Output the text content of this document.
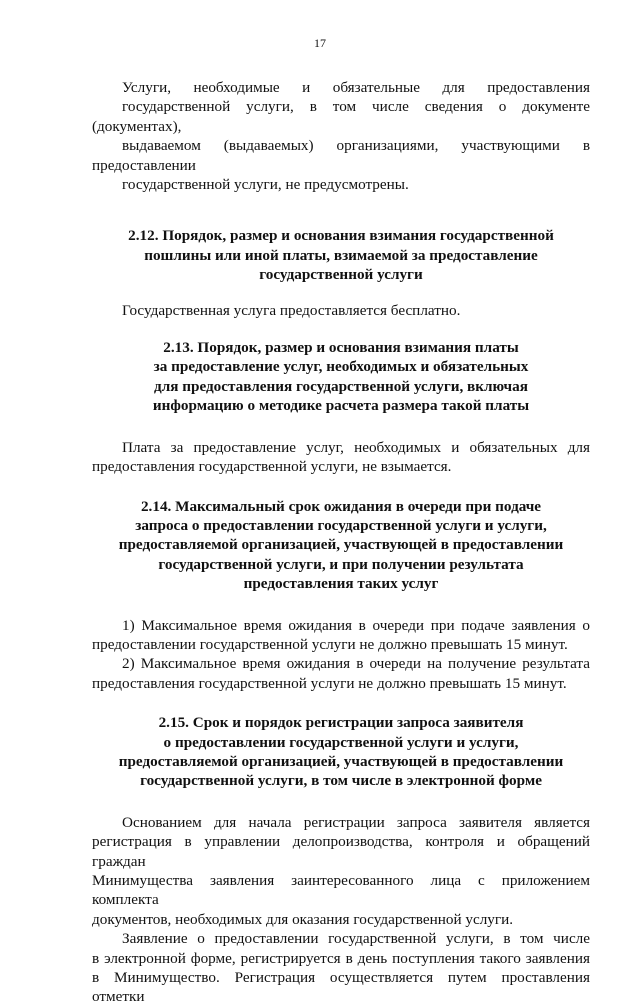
17

Услуги, необходимые и обязательные для предоставления
государственной услуги, в том числе сведения о документе (документах),
выдаваемом (выдаваемых) организациями, участвующими в предоставлении
государственной услуги, не предусмотрены.

2.12. Порядок, размер и основания взимания государственной
пошлины или иной платы, взимаемой за предоставление
государственной услуги

Государственная услуга предоставляется бесплатно.

2.13. Порядок, размер и основания взимания платы
за предоставление услуг, необходимых и обязательных
для предоставления государственной услуги, включая
информацию о методике расчета размера такой платы

Плата за предоставление услуг, необходимых и обязательных для
предоставления государственной услуги, не взымается.

2.14. Максимальный срок ожидания в очереди при подаче
запроса о предоставлении государственной услуги и услуги,
предоставляемой организацией, участвующей в предоставлении
государственной услуги, и при получении результата
предоставления таких услуг

1) Максимальное время ожидания в очереди при подаче заявления о
предоставлении государственной услуги не должно превышать 15 минут.

2) Максимальное время ожидания в очереди на получение результата
предоставления государственной услуги не должно превышать 15 минут.

2.15. Срок и порядок регистрации запроса заявителя
о предоставлении государственной услуги и услуги,
предоставляемой организацией, участвующей в предоставлении
государственной услуги, в том числе в электронной форме

Основанием для начала регистрации запроса заявителя является
регистрация в управлении делопроизводства, контроля и обращений граждан
Минимущества заявления заинтересованного лица с приложением комплекта
документов, необходимых для оказания государственной услуги.

Заявление о предоставлении государственной услуги, в том числе
в электронной форме, регистрируется в день поступления такого заявления
в Минимущество. Регистрация осуществляется путем проставления отметки
